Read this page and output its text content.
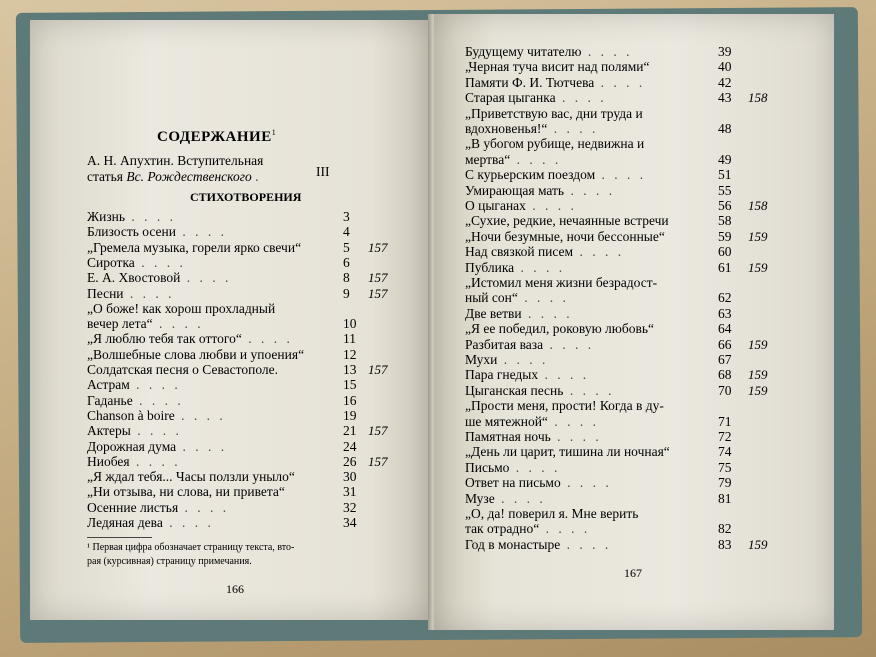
СОДЕРЖАНИЕ$^1$
А. Н. Апухтин. Вступительная
статья Вс. Рождественского .	III
СТИХОТВОРЕНИЯ
Жизнь . . . .	3
Близость осени . . . .	4
„Гремела музыка, горели ярко свечи“	5 157
Сиротка . . . .	6
Е. А. Хвостовой . . . .	8 157
Песни . . . .	9 157
„О боже! как хорош прохладный
вечер лета“ . . . .	10
„Я люблю тебя так оттого“ . . . .	11
„Волшебные слова любви и упоения“	12
Солдатская песня о Севастополе.	13 157
Астрам . . . .	15
Гаданье . . . .	16
Chanson à boire . . . .	19
Актеры . . . .	21 157
Дорожная дума . . . .	24
Ниобея . . . .	26 157
„Я ждал тебя... Часы ползли уныло“	30
„Ни отзыва, ни слова, ни привета“	31
Осенние листья . . . .	32
Ледяная дева . . . .	34
¹ Первая цифра обозначает страницу текста, вто-
рая (курсивная) страницу примечания.
166
Будущему читателю . . . .	39
„Черная туча висит над полями“	40
Памяти Ф. И. Тютчева . . . .	42
Старая цыганка . . . .	43 158
„Приветствую вас, дни труда и
вдохновенья!“ . . . .	48
„В убогом рубище, недвижна и
мертва“ . . . .	49
С курьерским поездом . . . .	51
Умирающая мать . . . .	55
О цыганах . . . .	56 158
„Сухие, редкие, нечаянные встречи	58
„Ночи безумные, ночи бессонные“	59 159
Над связкой писем . . . .	60
Публика . . . .	61 159
„Истомил меня жизни безрадост-
ный сон“ . . . .	62
Две ветви . . . .	63
„Я ее победил, роковую любовь“	64
Разбитая ваза . . . .	66 159
Мухи . . . .	67
Пара гнедых . . . .	68 159
Цыганская песнь . . . .	70 159
„Прости меня, прости! Когда в ду-
ше мятежной“ . . . .	71
Памятная ночь . . . .	72
„День ли царит, тишина ли ночная“	74
Письмо . . . .	75
Ответ на письмо . . . .	79
Музе . . . .	81
„О, да! поверил я. Мне верить
так отрадно“ . . . .	82
Год в монастыре . . . .	83 159
167
